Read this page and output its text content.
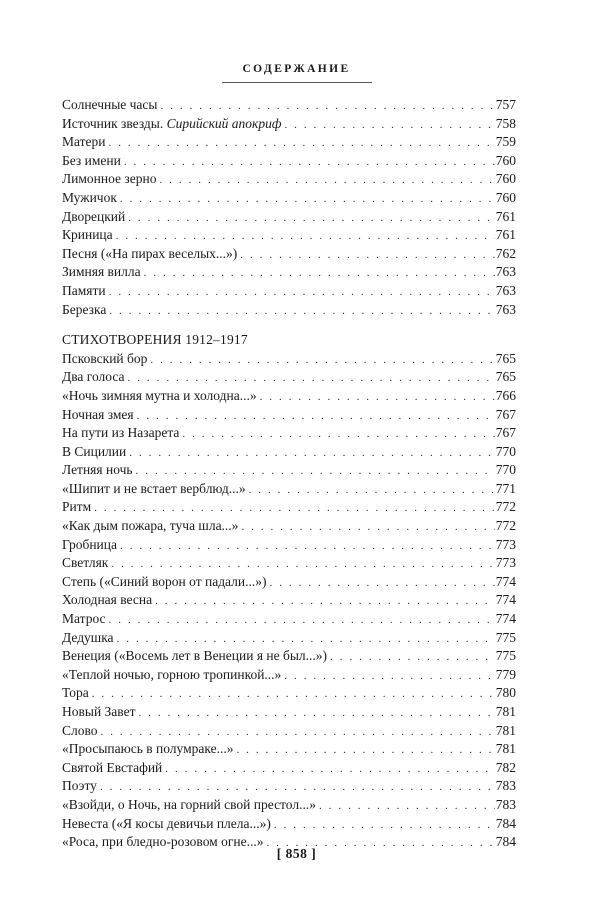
СОДЕРЖАНИЕ
Солнечные часы . . .	757
Источник звезды. Сирийский апокриф . . .	758
Матери . . .	759
Без имени . . .	760
Лимонное зерно . . .	760
Мужичок . . .	760
Дворецкий . . .	761
Криница . . .	761
Песня («На пирах веселых...») . . .	762
Зимняя вилла . . .	763
Памяти . . .	763
Березка . . .	763
СТИХОТВОРЕНИЯ 1912–1917
Псковский бор . . .	765
Два голоса . . .	765
«Ночь зимняя мутна и холодна...» . . .	766
Ночная змея . . .	767
На пути из Назарета . . .	767
В Сицилии . . .	770
Летняя ночь . . .	770
«Шипит и не встает верблюд...» . . .	771
Ритм . . .	772
«Как дым пожара, туча шла...» . . .	772
Гробница . . .	773
Светляк . . .	773
Степь («Синий ворон от падали...») . . .	774
Холодная весна . . .	774
Матрос . . .	774
Дедушка . . .	775
Венеция («Восемь лет в Венеции я не был...») . . .	775
«Теплой ночью, горною тропинкой...» . . .	779
Тора . . .	780
Новый Завет . . .	781
Слово . . .	781
«Просыпаюсь в полумраке...» . . .	781
Святой Евстафий . . .	782
Поэту . . .	783
«Взойди, о Ночь, на горний свой престол...» . . .	783
Невеста («Я косы девичьи плела...») . . .	784
«Роса, при бледно-розовом огне...» . . .	784
[ 858 ]
